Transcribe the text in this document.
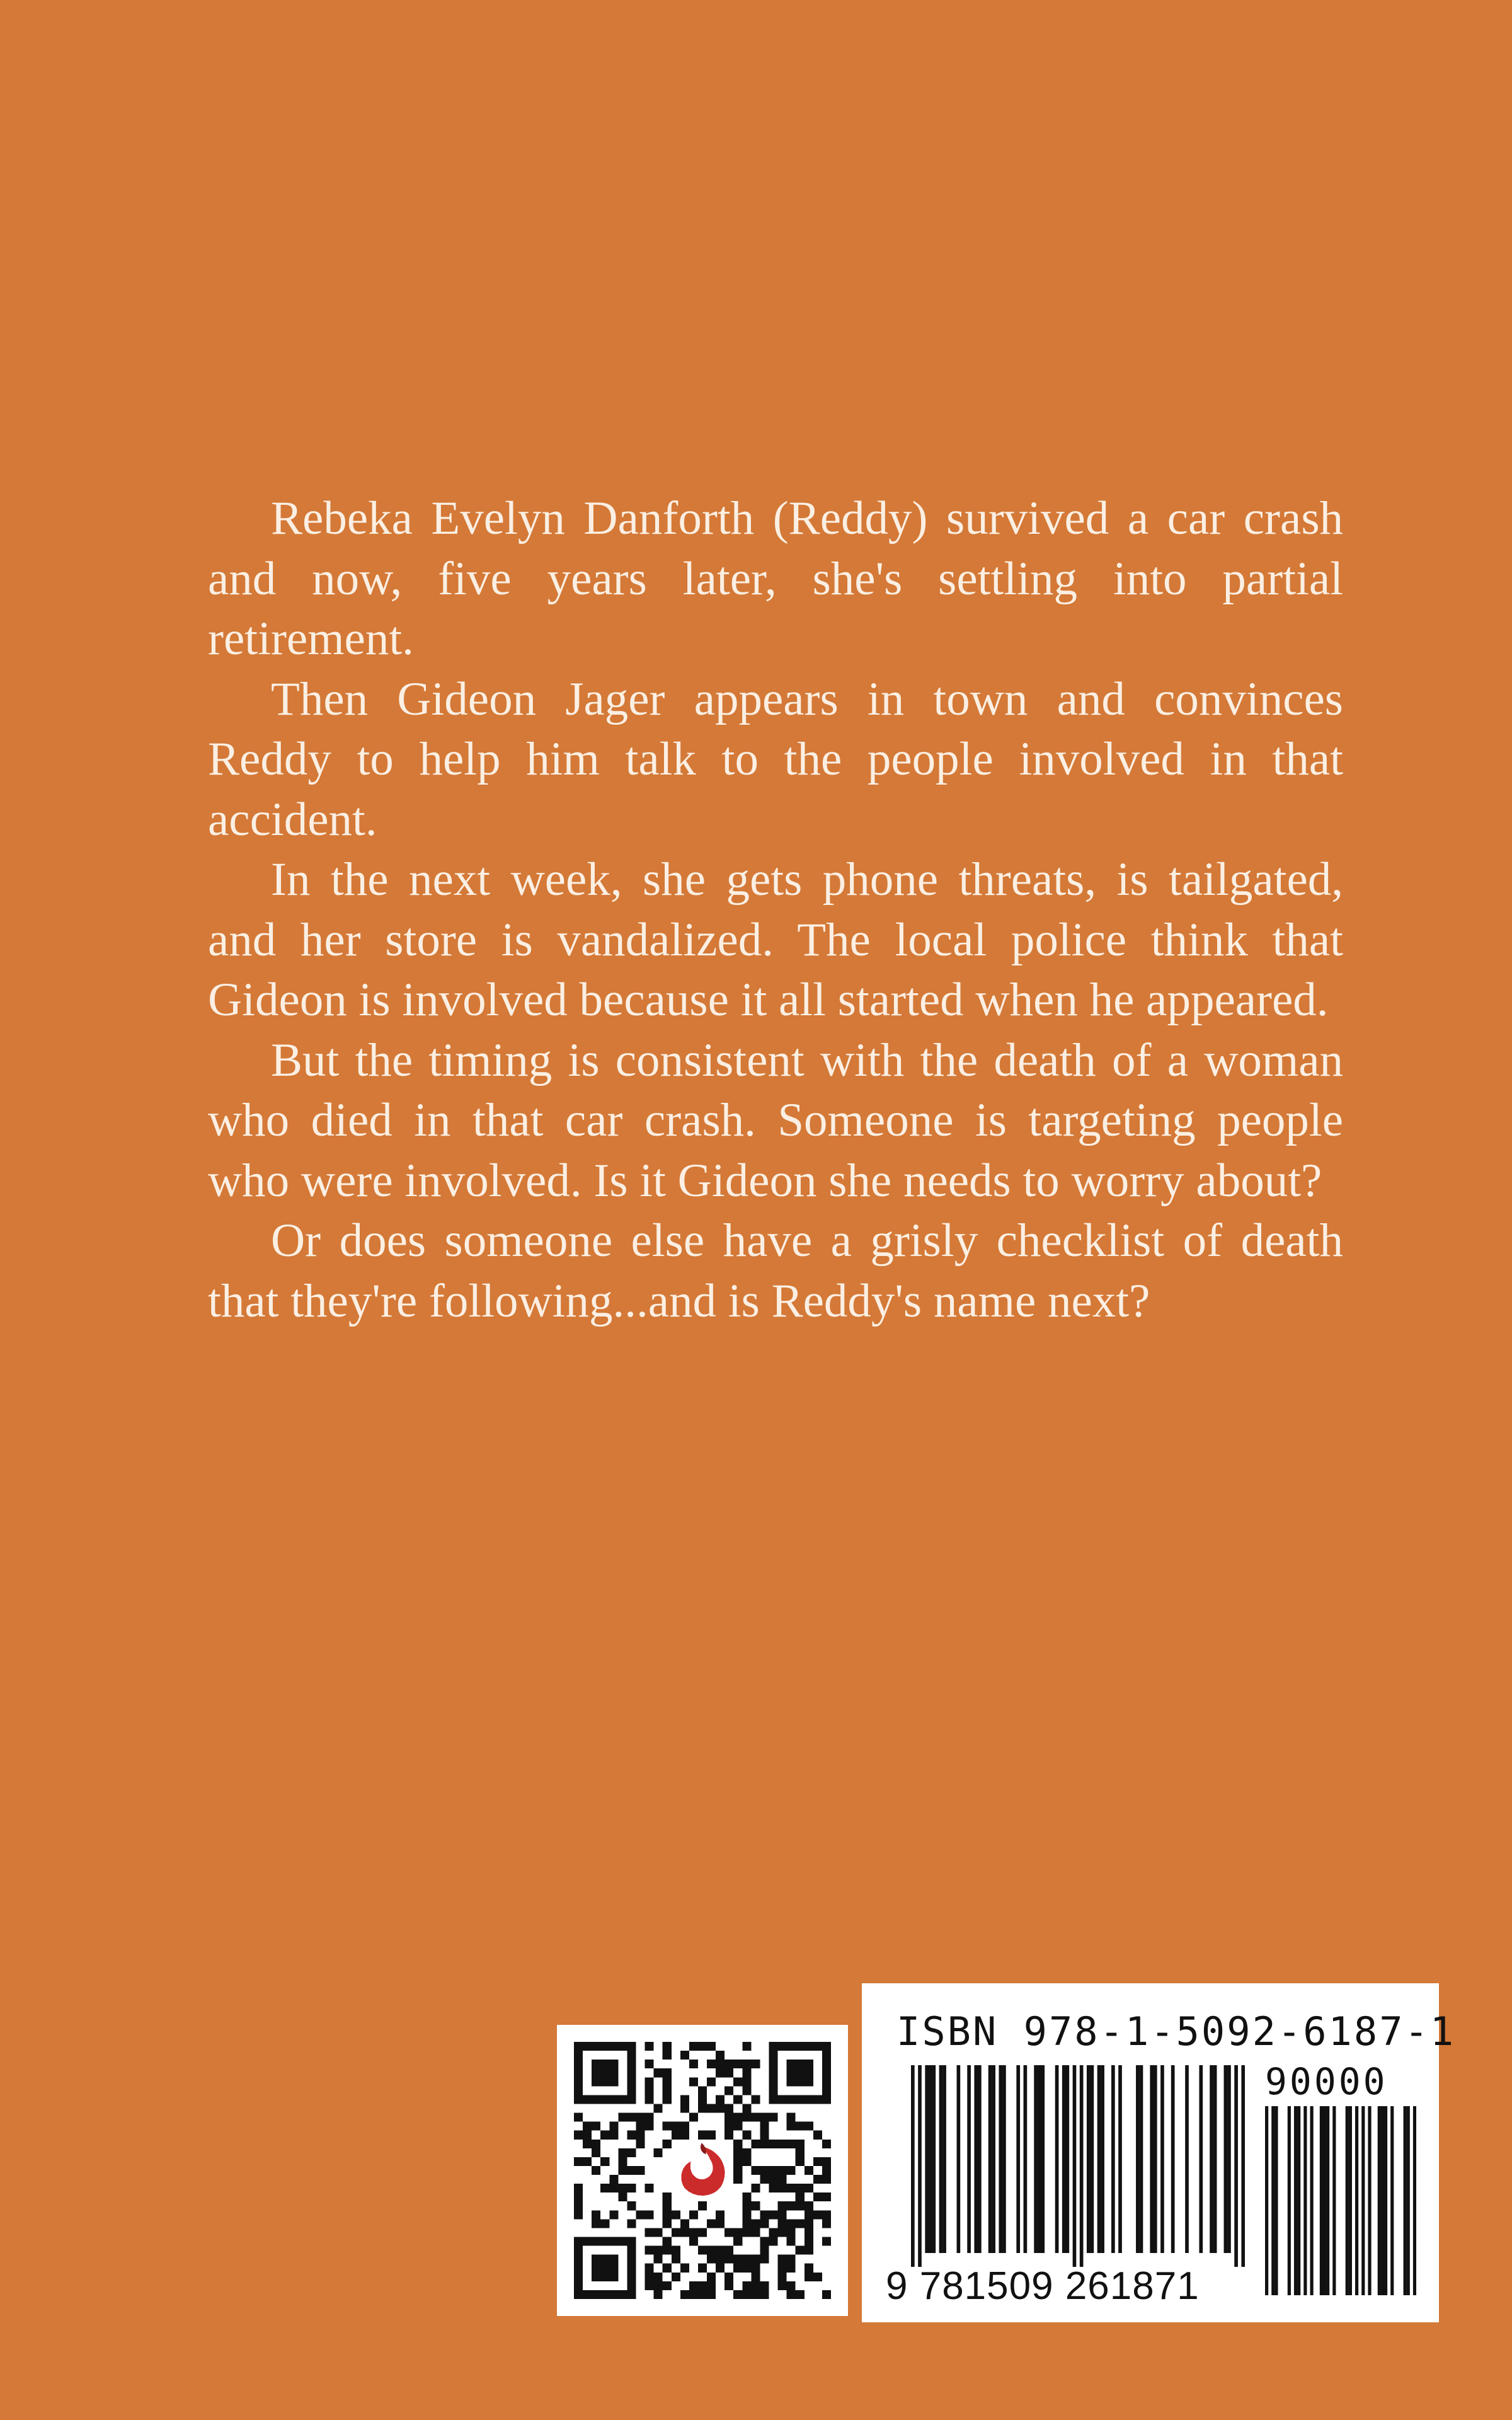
Rebeka Evelyn Danforth (Reddy) survived a car crash and now, five years later, she's settling into partial retirement.

Then Gideon Jager appears in town and convinces Reddy to help him talk to the people involved in that accident.

In the next week, she gets phone threats, is tailgated, and her store is vandalized. The local police think that Gideon is involved because it all started when he appeared.

But the timing is consistent with the death of a woman who died in that car crash. Someone is targeting people who were involved. Is it Gideon she needs to worry about?

Or does someone else have a grisly checklist of death that they're following...and is Reddy's name next?

ISBN 978-1-5092-6187-1
90000
9 781509 261871
